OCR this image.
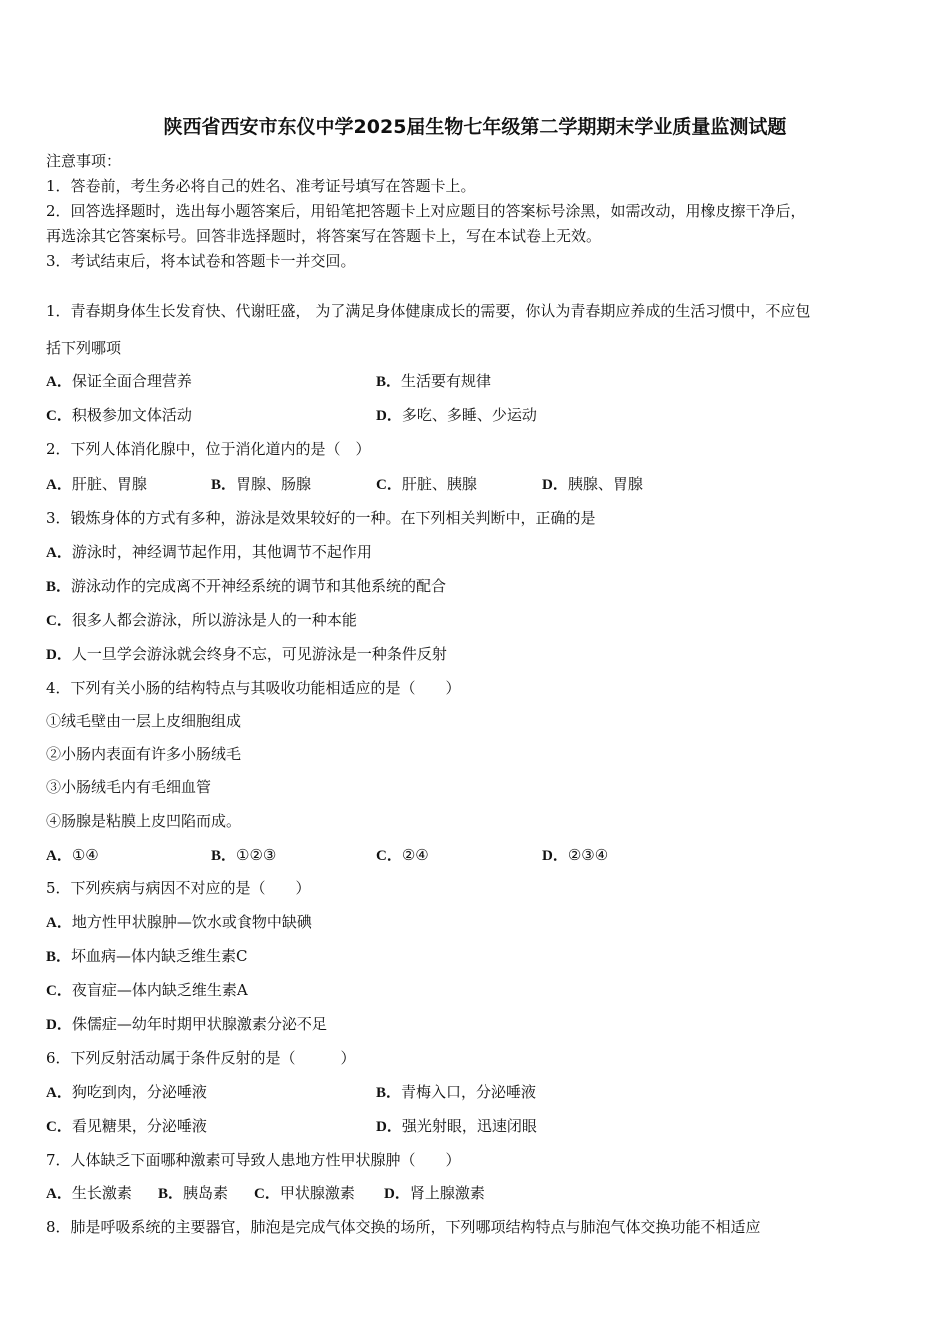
陕西省西安市东仪中学2025届生物七年级第二学期期末学业质量监测试题
注意事项：
1．答卷前，考生务必将自己的姓名、准考证号填写在答题卡上。
2．回答选择题时，选出每小题答案后，用铅笔把答题卡上对应题目的答案标号涂黑，如需改动，用橡皮擦干净后，
再选涂其它答案标号。回答非选择题时，将答案写在答题卡上，写在本试卷上无效。
3．考试结束后，将本试卷和答题卡一并交回。
1．青春期身体生长发育快、代谢旺盛， 为了满足身体健康成长的需要，你认为青春期应养成的生活习惯中，不应包
括下列哪项
A．保证全面合理营养	B．生活要有规律
C．积极参加文体活动	D．多吃、多睡、少运动
2．下列人体消化腺中，位于消化道内的是（　）
A．肝脏、胃腺	B．胃腺、肠腺	C．肝脏、胰腺	D．胰腺、胃腺
3．锻炼身体的方式有多种，游泳是效果较好的一种。在下列相关判断中，正确的是
A．游泳时，神经调节起作用，其他调节不起作用
B．游泳动作的完成离不开神经系统的调节和其他系统的配合
C．很多人都会游泳，所以游泳是人的一种本能
D．人一旦学会游泳就会终身不忘，可见游泳是一种条件反射
4．下列有关小肠的结构特点与其吸收功能相适应的是（　　）
①绒毛壁由一层上皮细胞组成
②小肠内表面有许多小肠绒毛
③小肠绒毛内有毛细血管
④肠腺是粘膜上皮凹陷而成。
A．①④	B．①②③	C．②④	D．②③④
5．下列疾病与病因不对应的是（　　）
A．地方性甲状腺肿—饮水或食物中缺碘
B．坏血病—体内缺乏维生素C
C．夜盲症—体内缺乏维生素A
D．侏儒症—幼年时期甲状腺激素分泌不足
6．下列反射活动属于条件反射的是（　　　）
A．狗吃到肉，分泌唾液	B．青梅入口，分泌唾液
C．看见糖果，分泌唾液	D．强光射眼，迅速闭眼
7．人体缺乏下面哪种激素可导致人患地方性甲状腺肿（　　）
A．生长激素 B．胰岛素 C．甲状腺激素 D．肾上腺激素
8．肺是呼吸系统的主要器官，肺泡是完成气体交换的场所，下列哪项结构特点与肺泡气体交换功能不相适应
